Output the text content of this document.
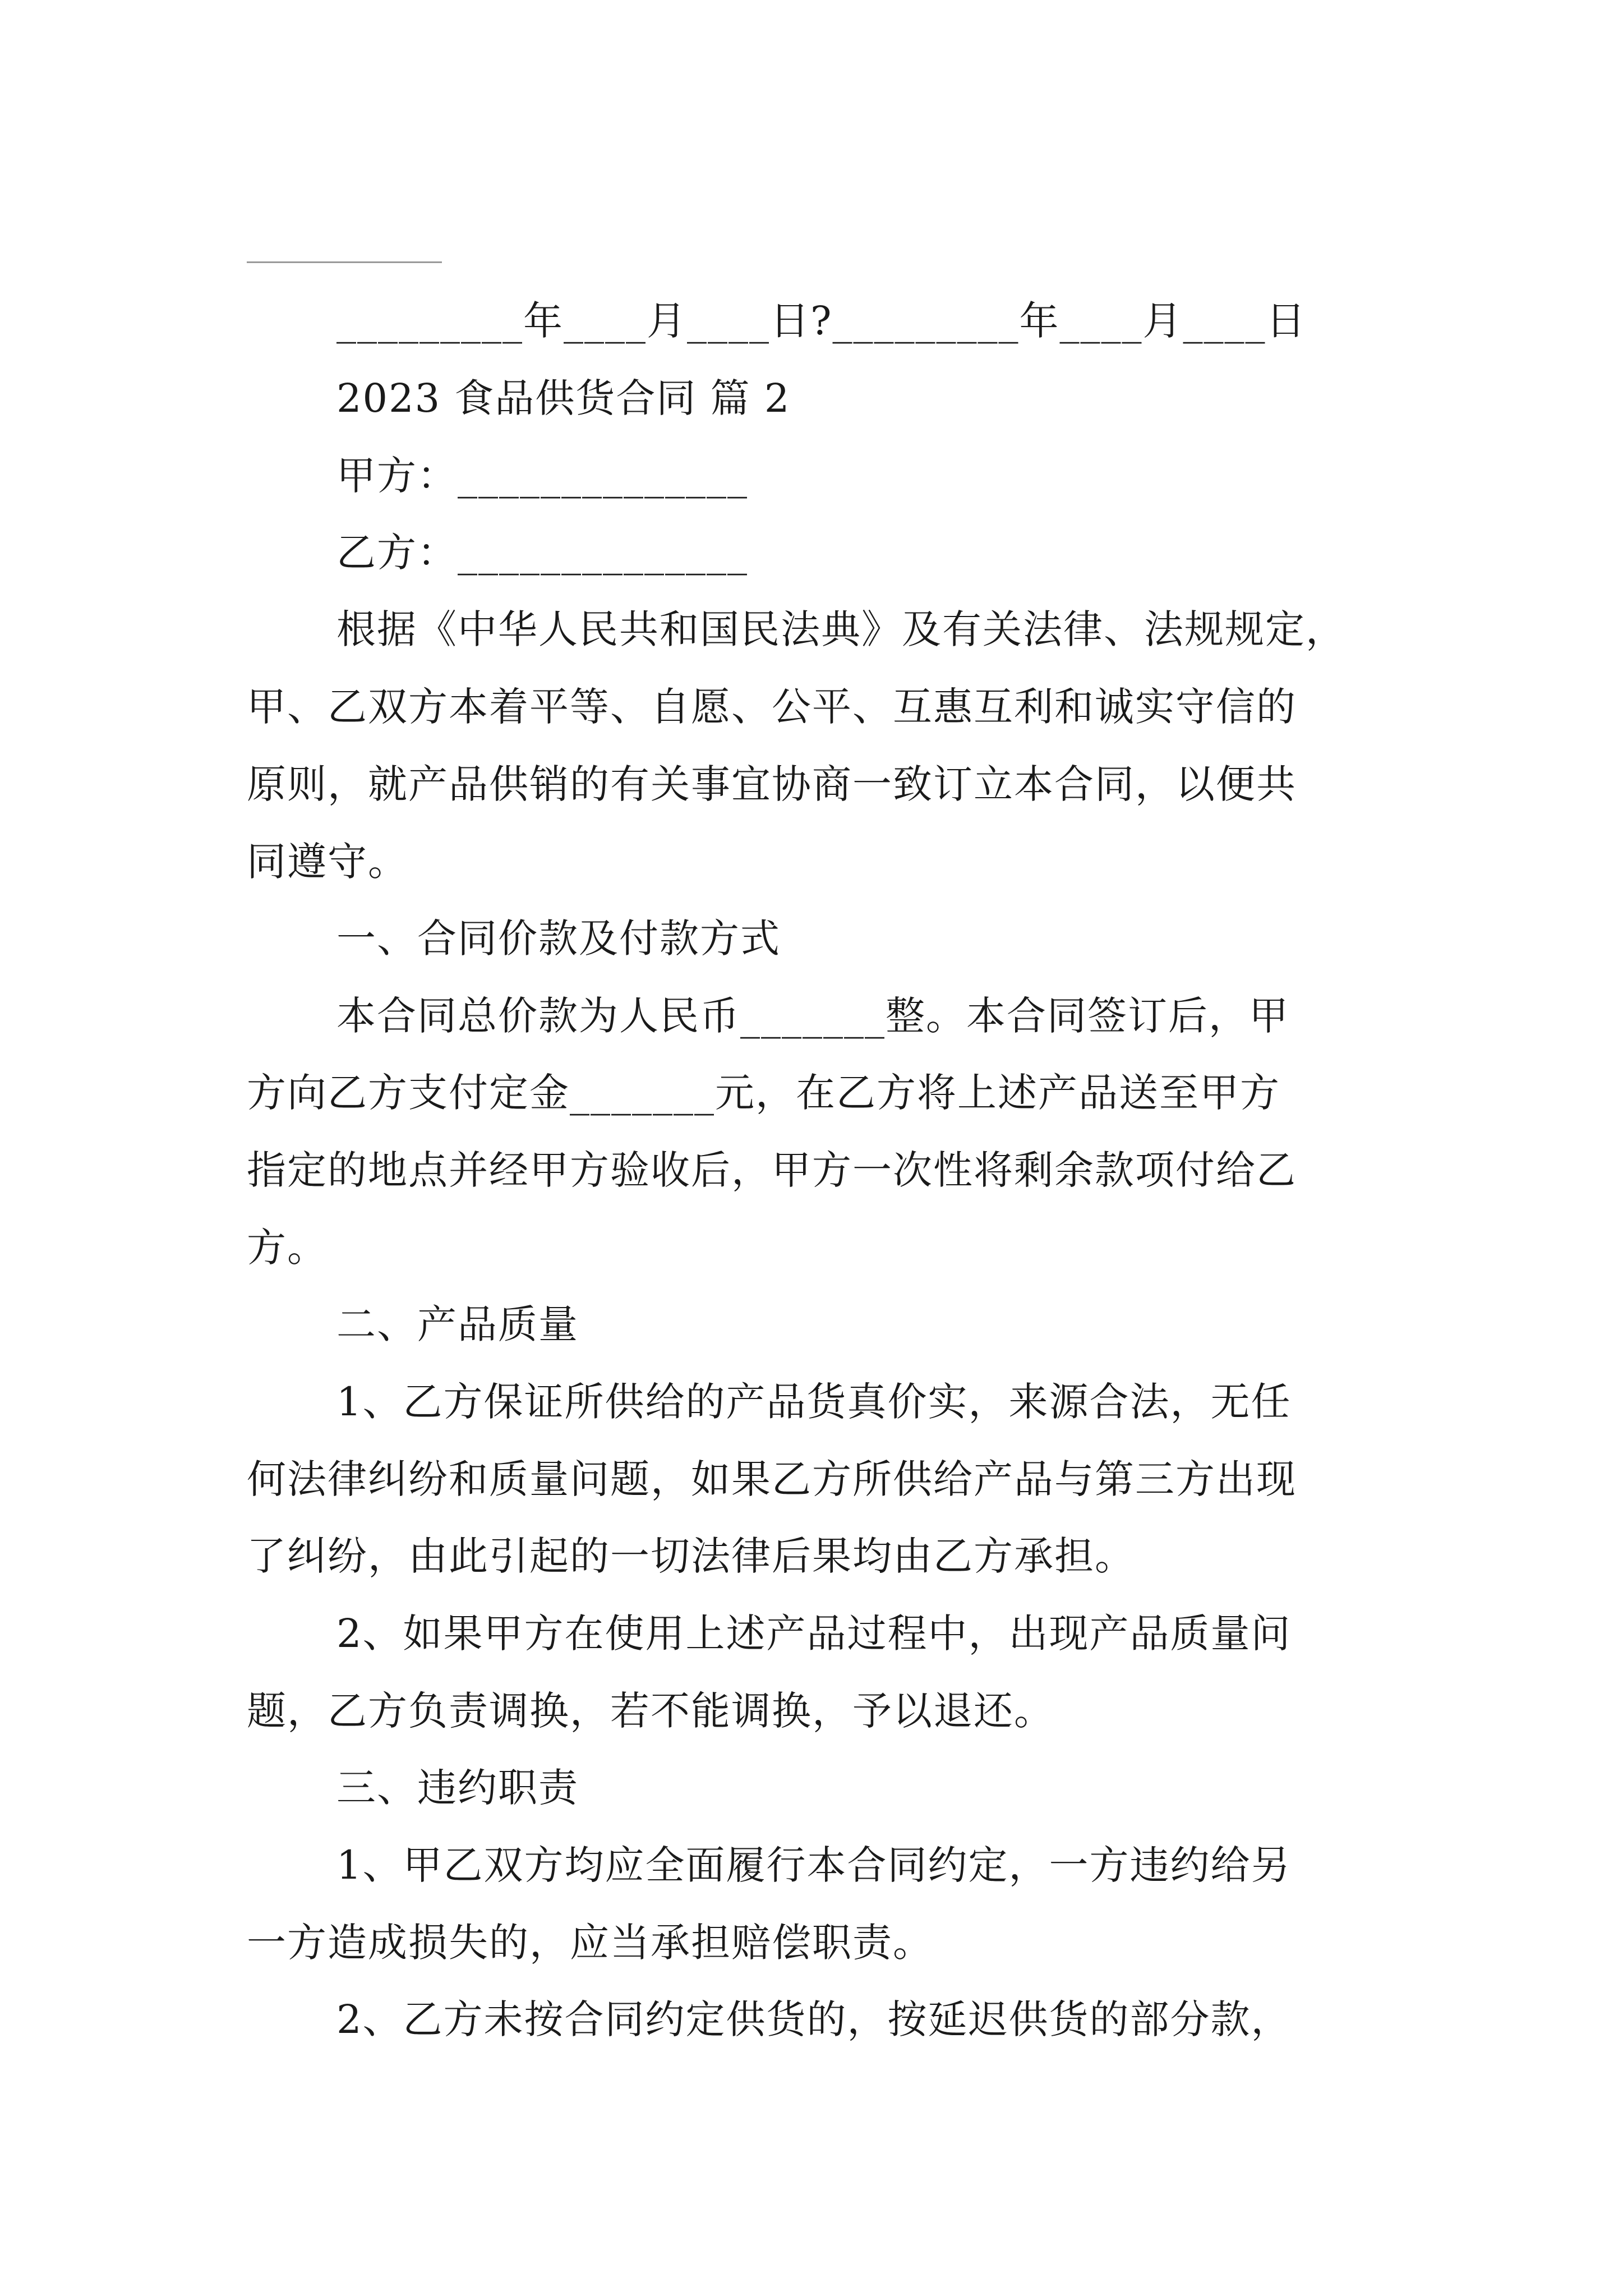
_________年____月____日?_________年____月____日
2023 食品供货合同 篇 2
甲方：______________
乙方：______________
根据《中华人民共和国民法典》及有关法律、法规规定，
甲、乙双方本着平等、自愿、公平、互惠互利和诚实守信的
原则，就产品供销的有关事宜协商一致订立本合同，以便共
同遵守。
一、合同价款及付款方式
本合同总价款为人民币_______整。本合同签订后，甲
方向乙方支付定金_______元，在乙方将上述产品送至甲方
指定的地点并经甲方验收后，甲方一次性将剩余款项付给乙
方。
二、产品质量
1、乙方保证所供给的产品货真价实，来源合法，无任
何法律纠纷和质量问题，如果乙方所供给产品与第三方出现
了纠纷，由此引起的一切法律后果均由乙方承担。
2、如果甲方在使用上述产品过程中，出现产品质量问
题，乙方负责调换，若不能调换，予以退还。
三、违约职责
1、甲乙双方均应全面履行本合同约定，一方违约给另
一方造成损失的，应当承担赔偿职责。
2、乙方未按合同约定供货的，按延迟供货的部分款，
